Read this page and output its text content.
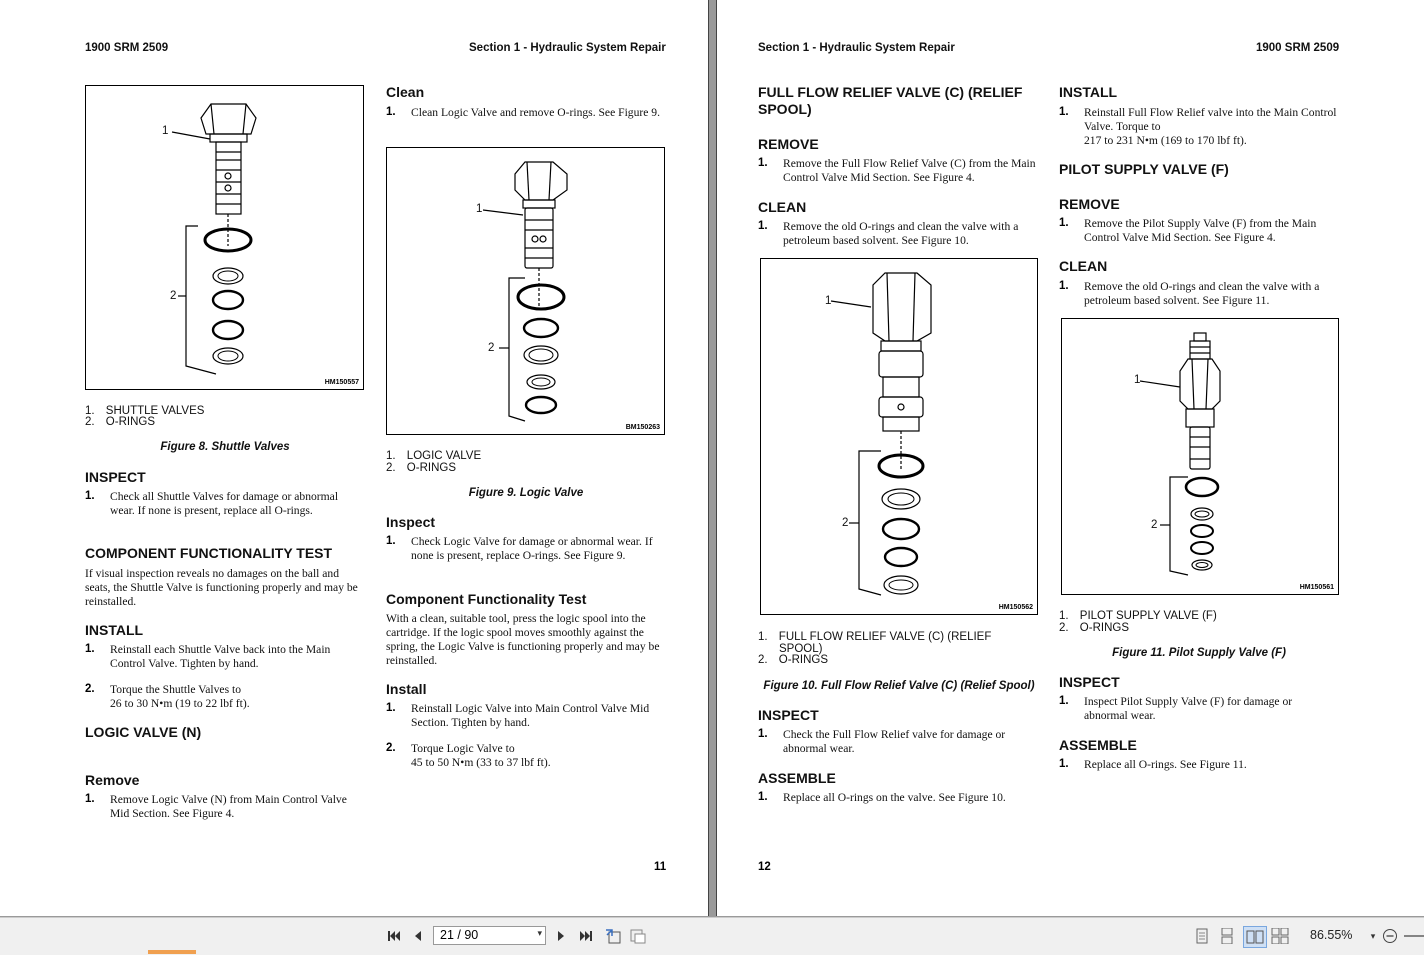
1900 SRM 2509	Section 1 - Hydraulic System Repair
1
2
HM150557
1. SHUTTLE VALVES
2. O-RINGS
Figure 8. Shuttle Valves
INSPECT
1. Check all Shuttle Valves for damage or abnormal wear. If none is present, replace all O-rings.
COMPONENT FUNCTIONALITY TEST
If visual inspection reveals no damages on the ball and seats, the Shuttle Valve is functioning properly and may be reinstalled.
INSTALL
1. Reinstall each Shuttle Valve back into the Main Control Valve. Tighten by hand.
2. Torque the Shuttle Valves to
26 to 30 N•m (19 to 22 lbf ft).
LOGIC VALVE (N)
Remove
1. Remove Logic Valve (N) from Main Control Valve Mid Section. See Figure 4.
Clean
1. Clean Logic Valve and remove O-rings. See Figure 9.
1
2
BM150263
1. LOGIC VALVE
2. O-RINGS
Figure 9. Logic Valve
Inspect
1. Check Logic Valve for damage or abnormal wear. If none is present, replace O-rings. See Figure 9.
Component Functionality Test
With a clean, suitable tool, press the logic spool into the cartridge. If the logic spool moves smoothly against the spring, the Logic Valve is functioning properly and may be reinstalled.
Install
1. Reinstall Logic Valve into Main Control Valve Mid Section. Tighten by hand.
2. Torque Logic Valve to
45 to 50 N•m (33 to 37 lbf ft).
11
Section 1 - Hydraulic System Repair	1900 SRM 2509
FULL FLOW RELIEF VALVE (C) (RELIEF
SPOOL)
REMOVE
1. Remove the Full Flow Relief Valve (C) from the Main Control Valve Mid Section. See Figure 4.
CLEAN
1. Remove the old O-rings and clean the valve with a petroleum based solvent. See Figure 10.
1
2
HM150562
1. FULL FLOW RELIEF VALVE (C) (RELIEF
SPOOL)
2. O-RINGS
Figure 10. Full Flow Relief Valve (C) (Relief Spool)
INSPECT
1. Check the Full Flow Relief valve for damage or abnormal wear.
ASSEMBLE
1. Replace all O-rings on the valve. See Figure 10.
INSTALL
1. Reinstall Full Flow Relief valve into the Main Control Valve. Torque to
217 to 231 N•m (169 to 170 lbf ft).
PILOT SUPPLY VALVE (F)
REMOVE
1. Remove the Pilot Supply Valve (F) from the Main Control Valve Mid Section. See Figure 4.
CLEAN
1. Remove the old O-rings and clean the valve with a petroleum based solvent. See Figure 11.
1
2
HM150561
1. PILOT SUPPLY VALVE (F)
2. O-RINGS
Figure 11. Pilot Supply Valve (F)
INSPECT
1. Inspect Pilot Supply Valve (F) for damage or abnormal wear.
ASSEMBLE
1. Replace all O-rings. See Figure 11.
12
21 / 90	▾	86.55%	▾
